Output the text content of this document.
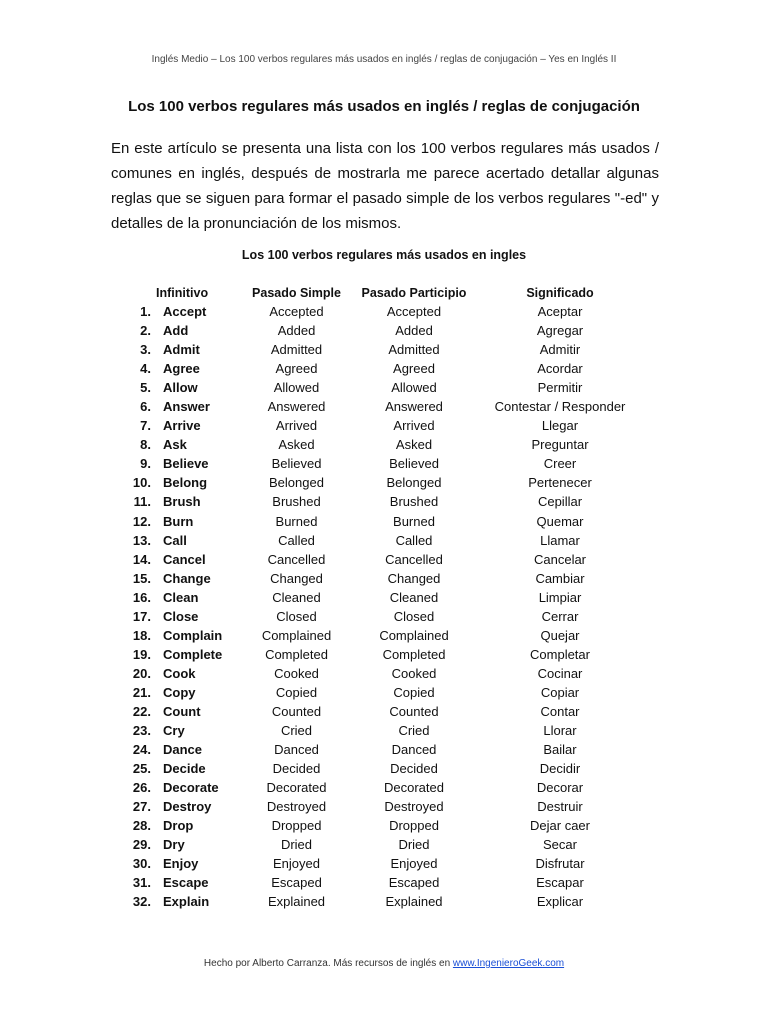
Inglés Medio – Los 100 verbos regulares más usados en inglés / reglas de conjugación – Yes en Inglés II
Los 100 verbos regulares más usados en inglés / reglas de conjugación
En este artículo se presenta una lista con los 100 verbos regulares más usados / comunes en inglés, después de mostrarla me parece acertado detallar algunas reglas que se siguen para formar el pasado simple de los verbos regulares "-ed" y detalles de la pronunciación de los mismos.
Los 100 verbos regulares más usados en ingles
Infinitivo	Pasado Simple	Pasado Participio	Significado
1. Accept	Accepted	Accepted	Aceptar
2. Add	Added	Added	Agregar
3. Admit	Admitted	Admitted	Admitir
4. Agree	Agreed	Agreed	Acordar
5. Allow	Allowed	Allowed	Permitir
6. Answer	Answered	Answered	Contestar / Responder
7. Arrive	Arrived	Arrived	Llegar
8. Ask	Asked	Asked	Preguntar
9. Believe	Believed	Believed	Creer
10. Belong	Belonged	Belonged	Pertenecer
11. Brush	Brushed	Brushed	Cepillar
12. Burn	Burned	Burned	Quemar
13. Call	Called	Called	Llamar
14. Cancel	Cancelled	Cancelled	Cancelar
15. Change	Changed	Changed	Cambiar
16. Clean	Cleaned	Cleaned	Limpiar
17. Close	Closed	Closed	Cerrar
18. Complain	Complained	Complained	Quejar
19. Complete	Completed	Completed	Completar
20. Cook	Cooked	Cooked	Cocinar
21. Copy	Copied	Copied	Copiar
22. Count	Counted	Counted	Contar
23. Cry	Cried	Cried	Llorar
24. Dance	Danced	Danced	Bailar
25. Decide	Decided	Decided	Decidir
26. Decorate	Decorated	Decorated	Decorar
27. Destroy	Destroyed	Destroyed	Destruir
28. Drop	Dropped	Dropped	Dejar caer
29. Dry	Dried	Dried	Secar
30. Enjoy	Enjoyed	Enjoyed	Disfrutar
31. Escape	Escaped	Escaped	Escapar
32. Explain	Explained	Explained	Explicar
Hecho por Alberto Carranza. Más recursos de inglés en www.IngenieroGeek.com
